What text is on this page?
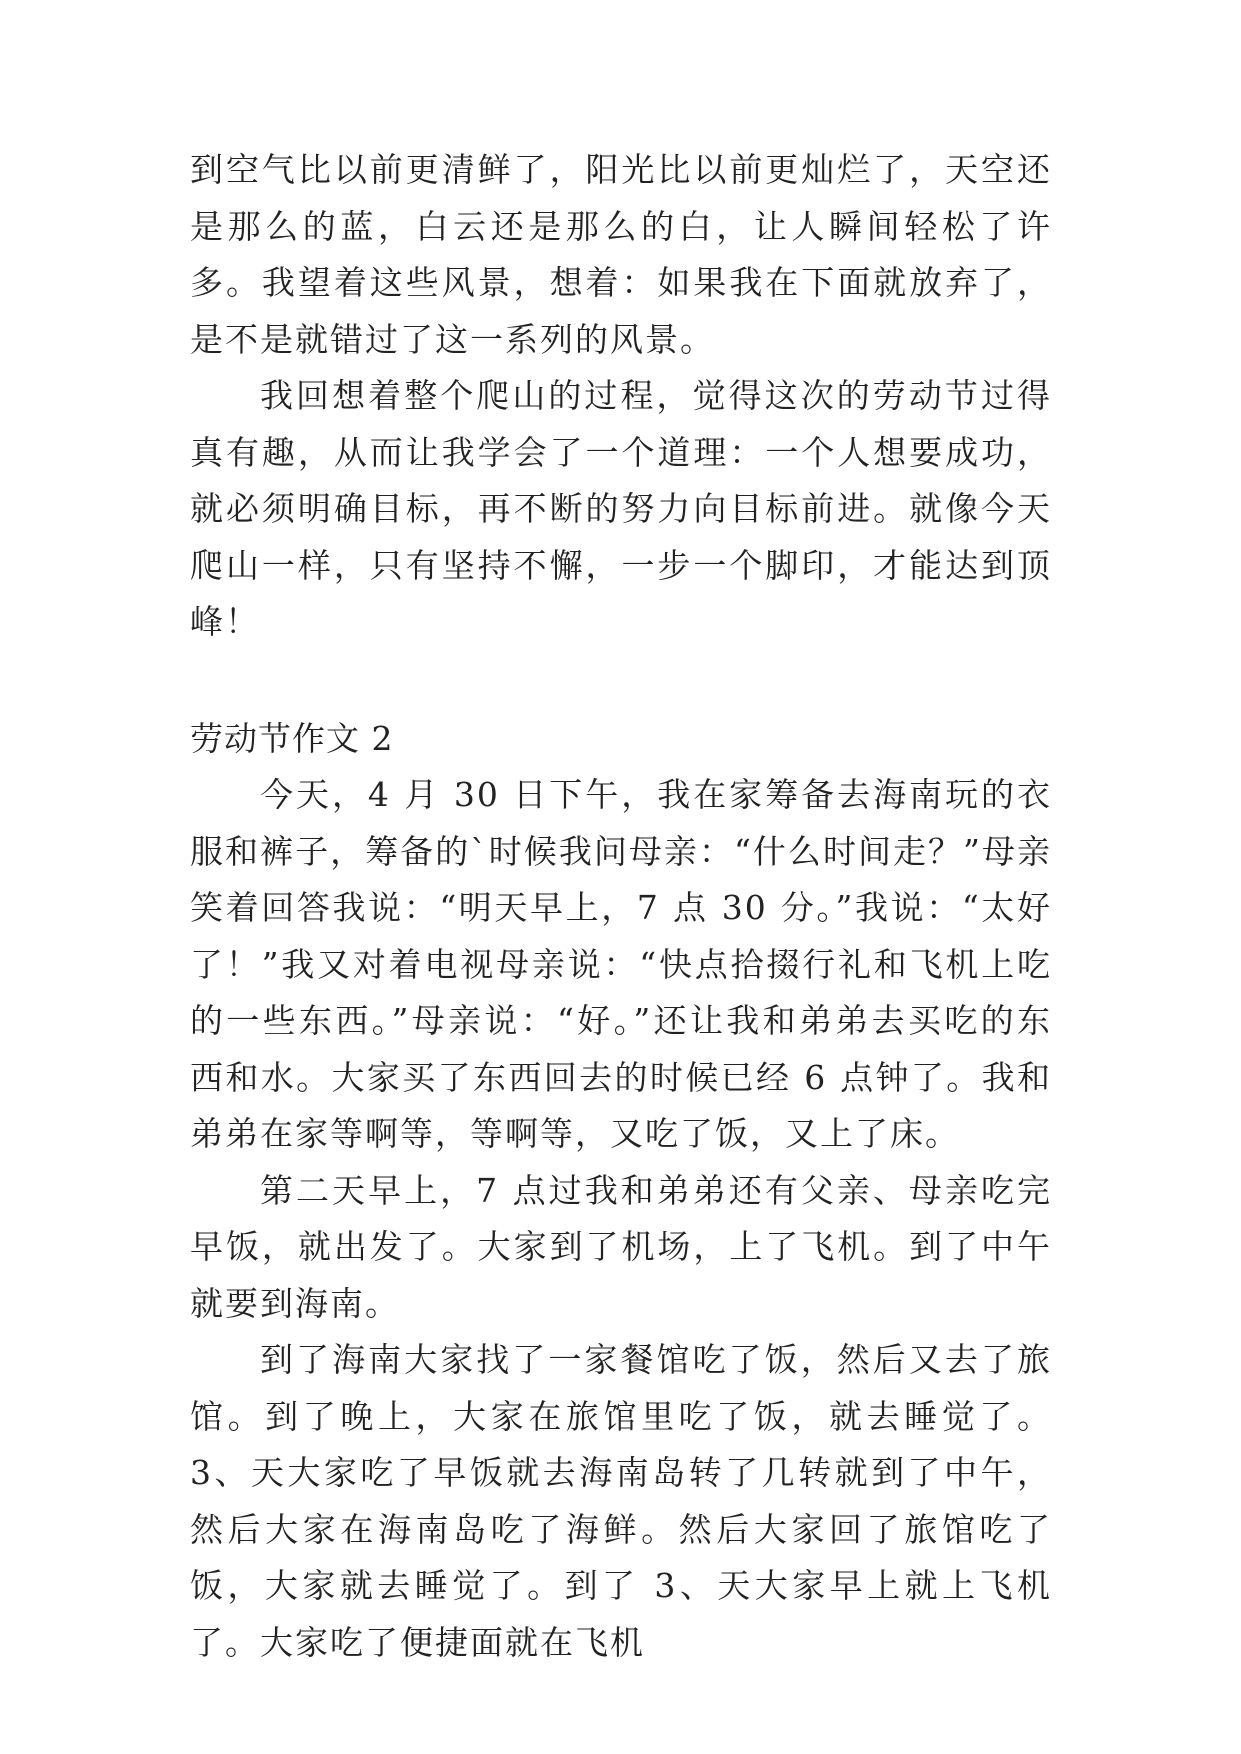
到空气比以前更清鲜了，阳光比以前更灿烂了，天空还是那么的蓝，白云还是那么的白，让人瞬间轻松了许多。我望着这些风景，想着：如果我在下面就放弃了，是不是就错过了这一系列的风景。

我回想着整个爬山的过程，觉得这次的劳动节过得真有趣，从而让我学会了一个道理：一个人想要成功，就必须明确目标，再不断的努力向目标前进。就像今天爬山一样，只有坚持不懈，一步一个脚印，才能达到顶峰！

劳动节作文 2

今天，4 月 30 日下午，我在家筹备去海南玩的衣服和裤子，筹备的`时候我问母亲：“什么时间走？”母亲笑着回答我说：“明天早上，7 点 30 分。”我说：“太好了！”我又对着电视母亲说：“快点拾掇行礼和飞机上吃的一些东西。”母亲说：“好。”还让我和弟弟去买吃的东西和水。大家买了东西回去的时候已经 6 点钟了。我和弟弟在家等啊等，等啊等，又吃了饭，又上了床。

第二天早上，7 点过我和弟弟还有父亲、母亲吃完早饭，就出发了。大家到了机场，上了飞机。到了中午就要到海南。

到了海南大家找了一家餐馆吃了饭，然后又去了旅馆。到了晚上，大家在旅馆里吃了饭，就去睡觉了。3、天大家吃了早饭就去海南岛转了几转就到了中午，然后大家在海南岛吃了海鲜。然后大家回了旅馆吃了饭，大家就去睡觉了。到了 3、天大家早上就上飞机了。大家吃了便捷面就在飞机
